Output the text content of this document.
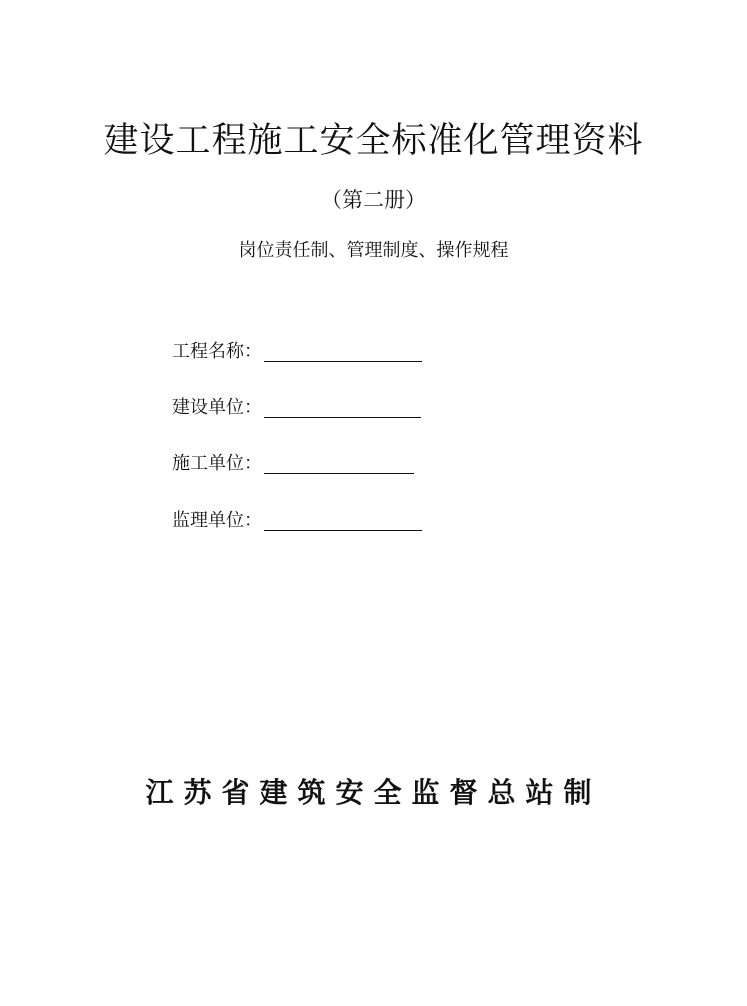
建设工程施工安全标准化管理资料
（第二册）
岗位责任制、管理制度、操作规程
工程名称：
建设单位：
施工单位：
监理单位：
江苏省建筑安全监督总站制
